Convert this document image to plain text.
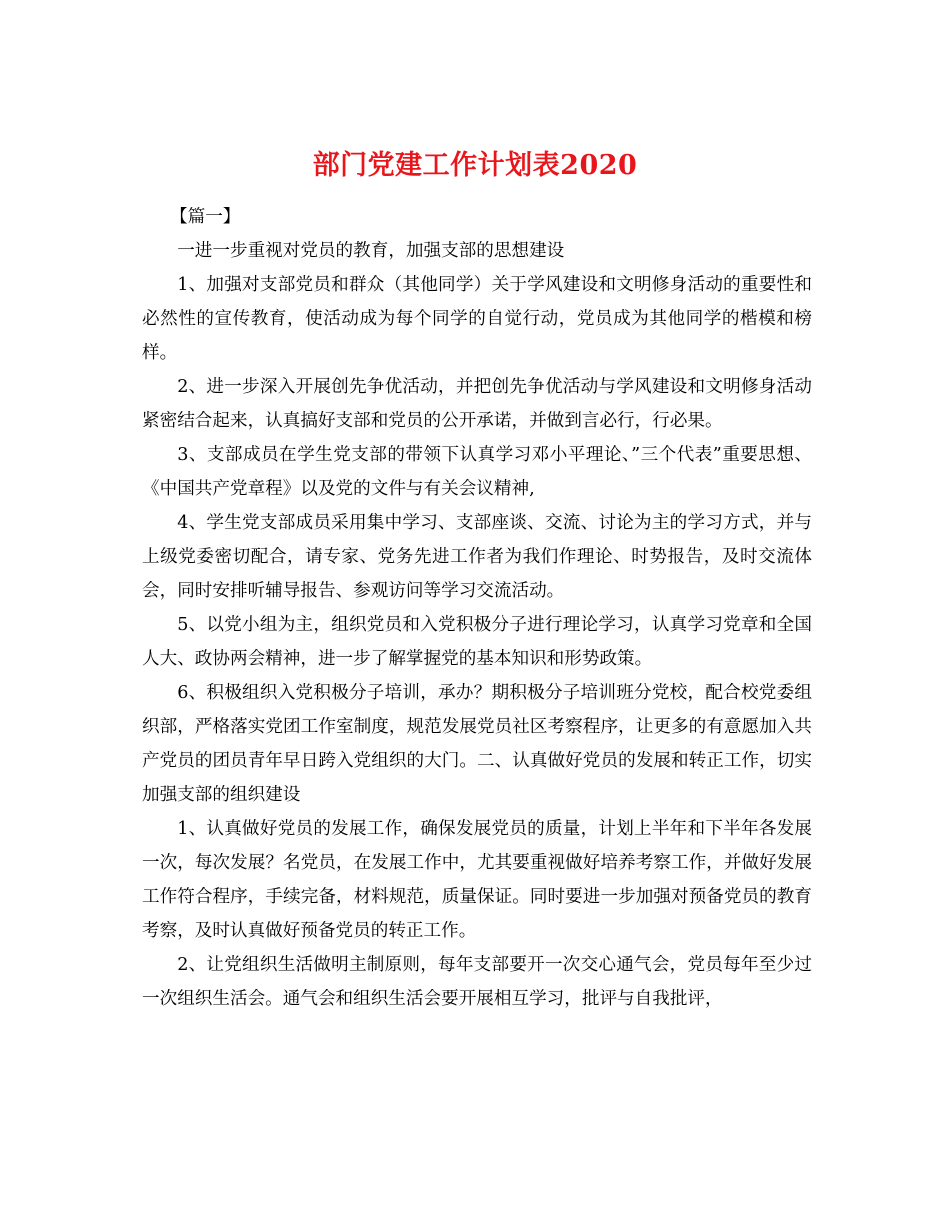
部门党建工作计划表2020

【篇一】

一进一步重视对党员的教育，加强支部的思想建设

1、加强对支部党员和群众（其他同学）关于学风建设和文明修身活动的重要性和必然性的宣传教育，使活动成为每个同学的自觉行动，党员成为其他同学的楷模和榜样。

2、进一步深入开展创先争优活动，并把创先争优活动与学风建设和文明修身活动紧密结合起来，认真搞好支部和党员的公开承诺，并做到言必行，行必果。

3、支部成员在学生党支部的带领下认真学习邓小平理论、”三个代表”重要思想、《中国共产党章程》以及党的文件与有关会议精神,

4、学生党支部成员采用集中学习、支部座谈、交流、讨论为主的学习方式，并与上级党委密切配合，请专家、党务先进工作者为我们作理论、时势报告，及时交流体会，同时安排听辅导报告、参观访问等学习交流活动。

5、以党小组为主，组织党员和入党积极分子进行理论学习，认真学习党章和全国人大、政协两会精神，进一步了解掌握党的基本知识和形势政策。

6、积极组织入党积极分子培训，承办？期积极分子培训班分党校，配合校党委组织部，严格落实党团工作室制度，规范发展党员社区考察程序，让更多的有意愿加入共产党员的团员青年早日跨入党组织的大门。二、认真做好党员的发展和转正工作，切实加强支部的组织建设

1、认真做好党员的发展工作，确保发展党员的质量，计划上半年和下半年各发展一次，每次发展？名党员，在发展工作中，尤其要重视做好培养考察工作，并做好发展工作符合程序，手续完备，材料规范，质量保证。同时要进一步加强对预备党员的教育考察，及时认真做好预备党员的转正工作。

2、让党组织生活做明主制原则，每年支部要开一次交心通气会，党员每年至少过一次组织生活会。通气会和组织生活会要开展相互学习，批评与自我批评，
